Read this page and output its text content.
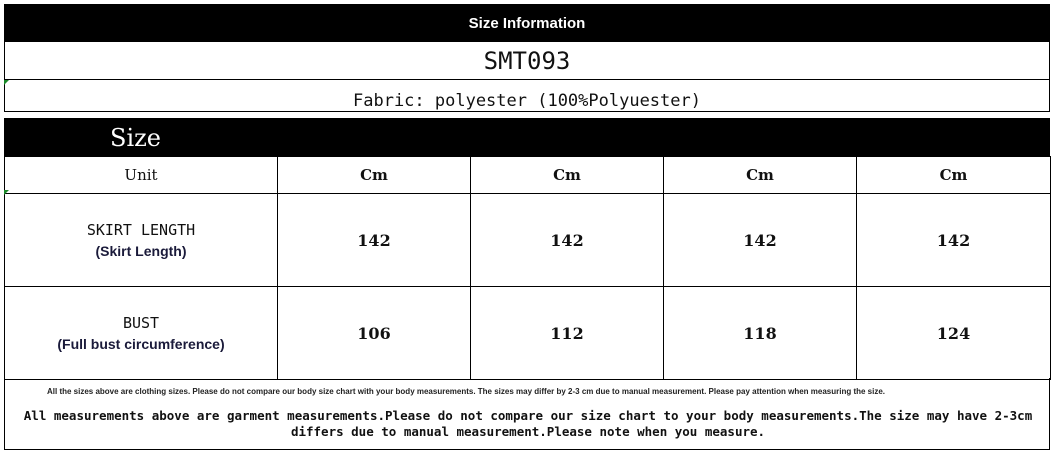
Size Information
SMT093
Fabric: polyester (100%Polyuester)
Size
Unit	Cm	Cm	Cm	Cm

SKIRT LENGTH
(Skirt Length)	142	142	142	142

BUST
(Full bust circumference)	106	112	118	124
All the sizes above are clothing sizes. Please do not compare our body size chart with your body measurements. The sizes may differ by 2-3 cm due to manual measurement. Please pay attention when measuring the size.
All measurements above are garment measurements.Please do not compare our size chart to your body measurements.The size may have 2-3cm differs due to manual measurement.Please note when you measure.
